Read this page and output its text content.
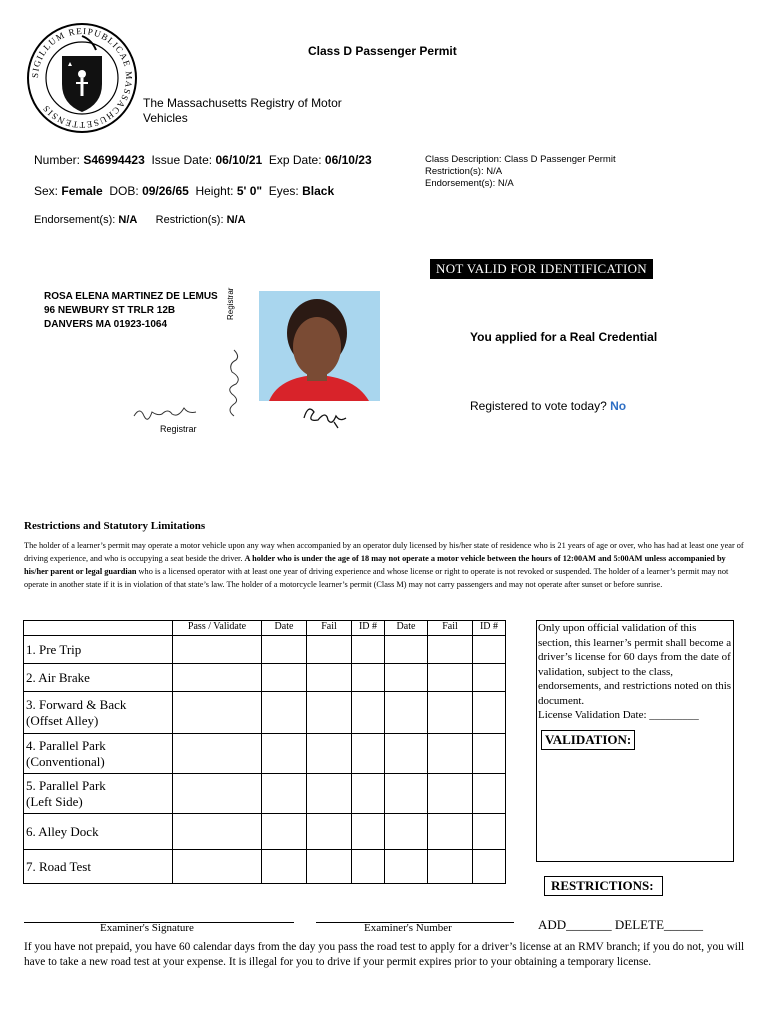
SIGILLUM REIPUBLICAE MASSACHUSETTENSIS
Class D Passenger Permit
The Massachusetts Registry of Motor Vehicles
Number: S46994423 Issue Date: 06/10/21 Exp Date: 06/10/23
Sex: Female DOB: 09/26/65 Height: 5' 0" Eyes: Black
Endorsement(s): N/A Restriction(s): N/A
Class Description: Class D Passenger Permit
Restriction(s): N/A
Endorsement(s): N/A
NOT VALID FOR IDENTIFICATION
ROSA ELENA MARTINEZ DE LEMUS
96 NEWBURY ST TRLR 12B
DANVERS MA 01923-1064
Registrar
Registrar
You applied for a Real Credential
Registered to vote today? No
Restrictions and Statutory Limitations
The holder of a learner’s permit may operate a motor vehicle upon any way when accompanied by an operator duly licensed by his/her state of residence who is 21 years of age or over, who has had at least one year of driving experience, and who is occupying a seat beside the driver. A holder who is under the age of 18 may not operate a motor vehicle between the hours of 12:00AM and 5:00AM unless accompanied by his/her parent or legal guardian who is a licensed operator with at least one year of driving experience and whose license or right to operate is not revoked or suspended. The holder of a learner’s permit may not operate in another state if it is in violation of that state’s law. The holder of a motorcycle learner’s permit (Class M) may not carry passengers and may not operate after sunset or before sunrise.
	Pass / Validate	Date	Fail	ID #	Date	Fail	ID #
1. Pre Trip							
2. Air Brake							
3. Forward & Back
(Offset Alley)							
4. Parallel Park
(Conventional)							
5. Parallel Park
(Left Side)							
6. Alley Dock							
7. Road Test							
Only upon official validation of this section, this learner’s permit shall become a driver’s license for 60 days from the date of validation, subject to the class, endorsements, and restrictions noted on this document.
License Validation Date: _________
VALIDATION:
RESTRICTIONS:
Examiner's Signature	Examiner's Number	ADD_______ DELETE______
If you have not prepaid, you have 60 calendar days from the day you pass the road test to apply for a driver’s license at an RMV branch; if you do not, you will have to take a new road test at your expense. It is illegal for you to drive if your permit expires prior to your obtaining a temporary license.
